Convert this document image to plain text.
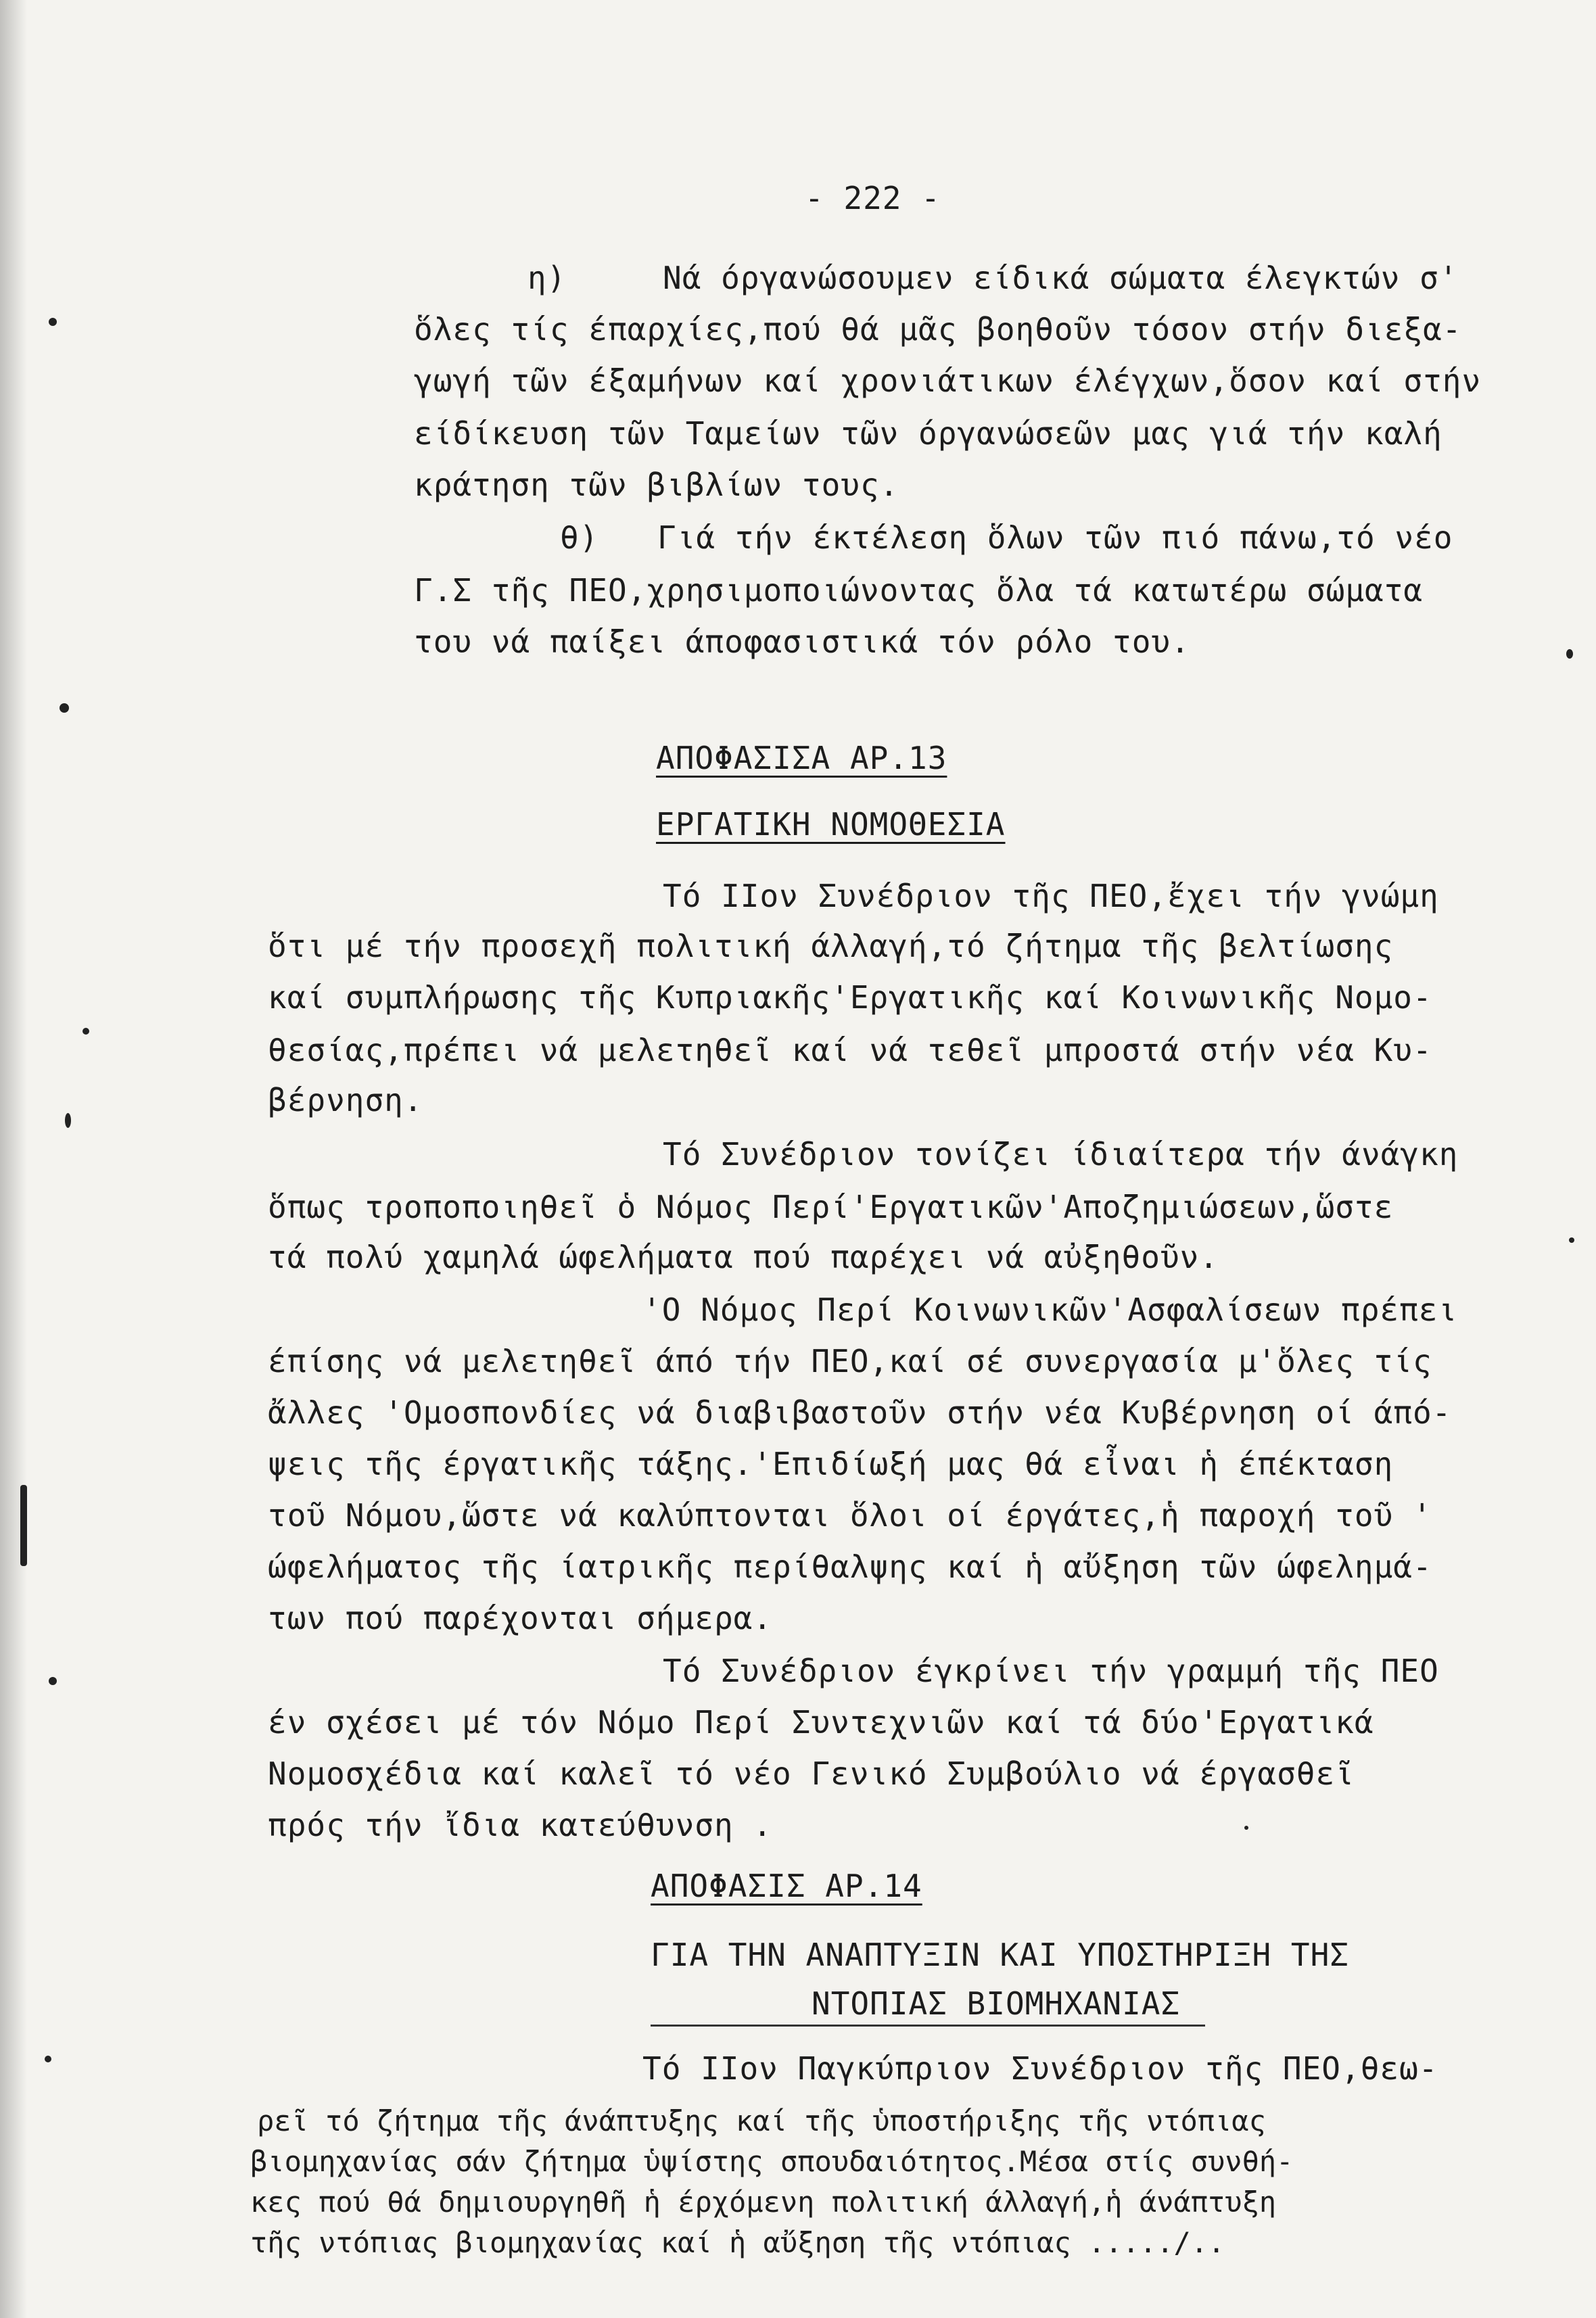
- 222 -
η)	Νά όργανώσουμεν είδικά σώματα έλεγκτών σ'
ὅλες τίς έπαρχίες,πού θά μᾶς βοηθοῦν τόσον στήν διεξα-
γωγή τῶν έξαμήνων καί χρονιάτικων έλέγχων,ὅσον καί στήν
είδίκευση τῶν Ταμείων τῶν όργανώσεῶν μας γιά τήν καλή
κράτηση τῶν βιβλίων τους.
θ) Γιά τήν έκτέλεση ὅλων τῶν πιό πάνω,τό νέο
Γ.Σ τῆς ΠΕΟ,χρησιμοποιώνοντας ὅλα τά κατωτέρω σώματα
του νά παίξει άποφασιστικά τόν ρόλο του.
ΑΠΟΦΑΣΙΣΑ ΑΡ.13
ΕΡΓΑΤΙΚΗ ΝΟΜΟΘΕΣΙΑ
Τό IIον Συνέδριον τῆς ΠΕΟ,ἔχει τήν γνώμη
ὅτι μέ τήν προσεχῆ πολιτική άλλαγή,τό ζήτημα τῆς βελτίωσης
καί συμπλήρωσης τῆς Κυπριακῆς'Εργατικῆς καί Κοινωνικῆς Νομο-
θεσίας,πρέπει νά μελετηθεῖ καί νά τεθεῖ μπροστά στήν νέα Κυ-
βέρνηση.
Τό Συνέδριον τονίζει ίδιαίτερα τήν άνάγκη
ὅπως τροποποιηθεῖ ὁ Νόμος Περί'Εργατικῶν'Αποζημιώσεων,ὥστε
τά πολύ χαμηλά ώφελήματα πού παρέχει νά αὐξηθοῦν.
'Ο Νόμος Περί Κοινωνικῶν'Ασφαλίσεων πρέπει
έπίσης νά μελετηθεῖ άπό τήν ΠΕΟ,καί σέ συνεργασία μ'ὅλες τίς
ἄλλες 'Ομοσπονδίες νά διαβιβαστοῦν στήν νέα Κυβέρνηση οί άπό-
ψεις τῆς έργατικῆς τάξης.'Επιδίωξή μας θά εἶναι ἡ έπέκταση
τοῦ Νόμου,ὥστε νά καλύπτονται ὅλοι οί έργάτες,ἡ παροχή τοῦ '
ώφελήματος τῆς ίατρικῆς περίθαλψης καί ἡ αὔξηση τῶν ώφελημά-
των πού παρέχονται σήμερα.
Τό Συνέδριον έγκρίνει τήν γραμμή τῆς ΠΕΟ
έν σχέσει μέ τόν Νόμο Περί Συντεχνιῶν καί τά δύο'Εργατικά
Νομοσχέδια καί καλεῖ τό νέο Γενικό Συμβούλιο νά έργασθεῖ
πρός τήν ἴδια κατεύθυνση .
ΑΠΟΦΑΣΙΣ ΑΡ.14
ΓΙΑ ΤΗΝ ΑΝΑΠΤΥΞΙΝ ΚΑΙ ΥΠΟΣΤΗΡΙΞΗ ΤΗΣ
ΝΤΟΠΙΑΣ ΒΙΟΜΗΧΑΝΙΑΣ
Τό IIον Παγκύπριον Συνέδριον τῆς ΠΕΟ,θεω-
ρεῖ τό ζήτημα τῆς άνάπτυξης καί τῆς ὑποστήριξης τῆς ντόπιας
βιομηχανίας σάν ζήτημα ὑψίστης σπουδαιότητος.Μέσα στίς συνθή-
κες πού θά δημιουργηθῆ ἡ έρχόμενη πολιτική άλλαγή,ἡ άνάπτυξη
τῆς ντόπιας βιομηχανίας καί ἡ αὔξηση τῆς ντόπιας ...../..
